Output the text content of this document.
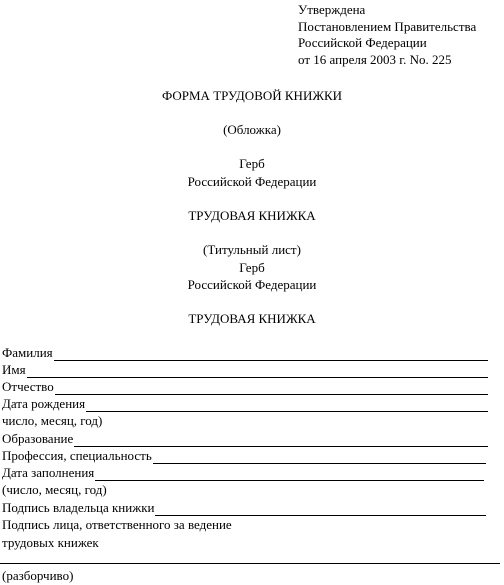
Утверждена
Постановлением Правительства
Российской Федерации
от 16 апреля 2003 г. No. 225
ФОРМА ТРУДОВОЙ КНИЖКИ
(Обложка)
Герб
Российской Федерации
ТРУДОВАЯ КНИЖКА
(Титульный лист)
Герб
Российской Федерации
ТРУДОВАЯ КНИЖКА
Фамилия
Имя
Отчество
Дата рождения
число, месяц, год)
Образование
Профессия, специальность
Дата заполнения
(число, месяц, год)
Подпись владельца книжки
Подпись лица, ответственного за ведение
трудовых книжек
(разборчиво)
